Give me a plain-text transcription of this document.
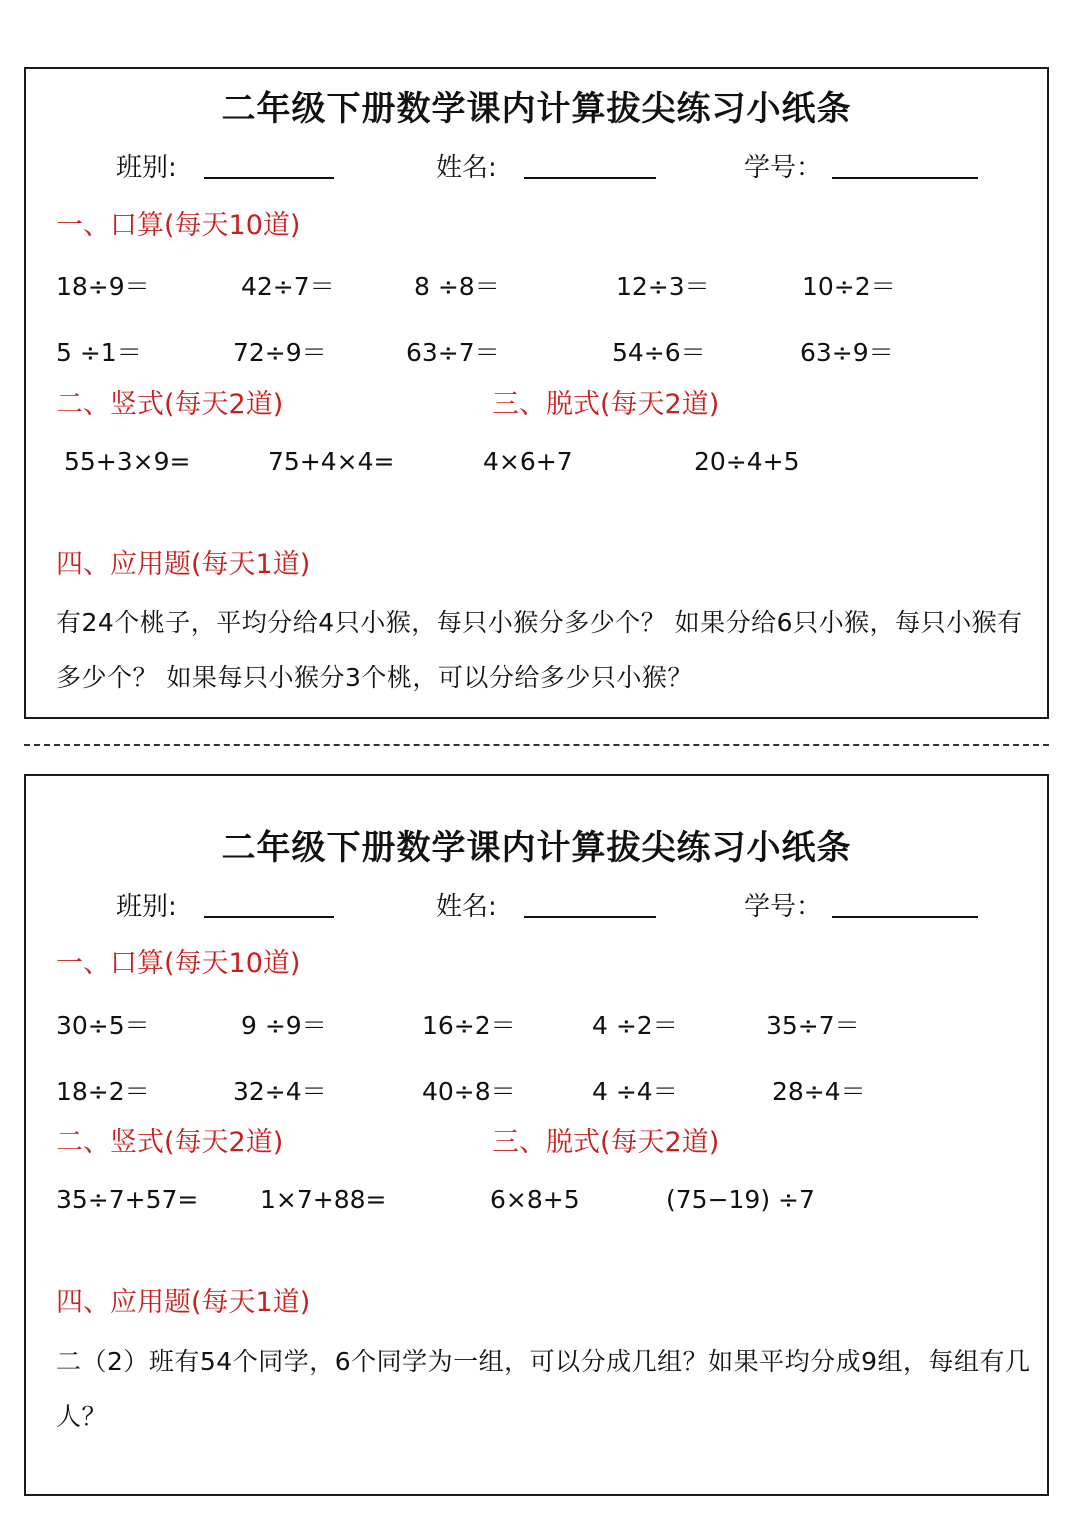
二年级下册数学课内计算拔尖练习小纸条
班别:	姓名:	学号：
一、口算(每天10道)
18÷9＝	42÷7＝	8 ÷8＝	12÷3＝	10÷2＝
5 ÷1＝	72÷9＝	63÷7＝	54÷6＝	63÷9＝
二、竖式(每天2道)	三、脱式(每天2道)
55+3×9=	75+4×4=	4×6+7	20÷4+5
四、应用题(每天1道)
有24个桃子，平均分给4只小猴，每只小猴分多少个？ 如果分给6只小猴，每只小猴有多少个？ 如果每只小猴分3个桃，可以分给多少只小猴？
二年级下册数学课内计算拔尖练习小纸条
班别:	姓名:	学号：
一、口算(每天10道)
30÷5＝	9 ÷9＝	16÷2＝	4 ÷2＝	35÷7＝
18÷2＝	32÷4＝	40÷8＝	4 ÷4＝	28÷4＝
二、竖式(每天2道)	三、脱式(每天2道)
35÷7+57= 1×7+88=	6×8+5	(75−19) ÷7
四、应用题(每天1道)
二（2）班有54个同学，6个同学为一组，可以分成几组？如果平均分成9组，每组有几人？
